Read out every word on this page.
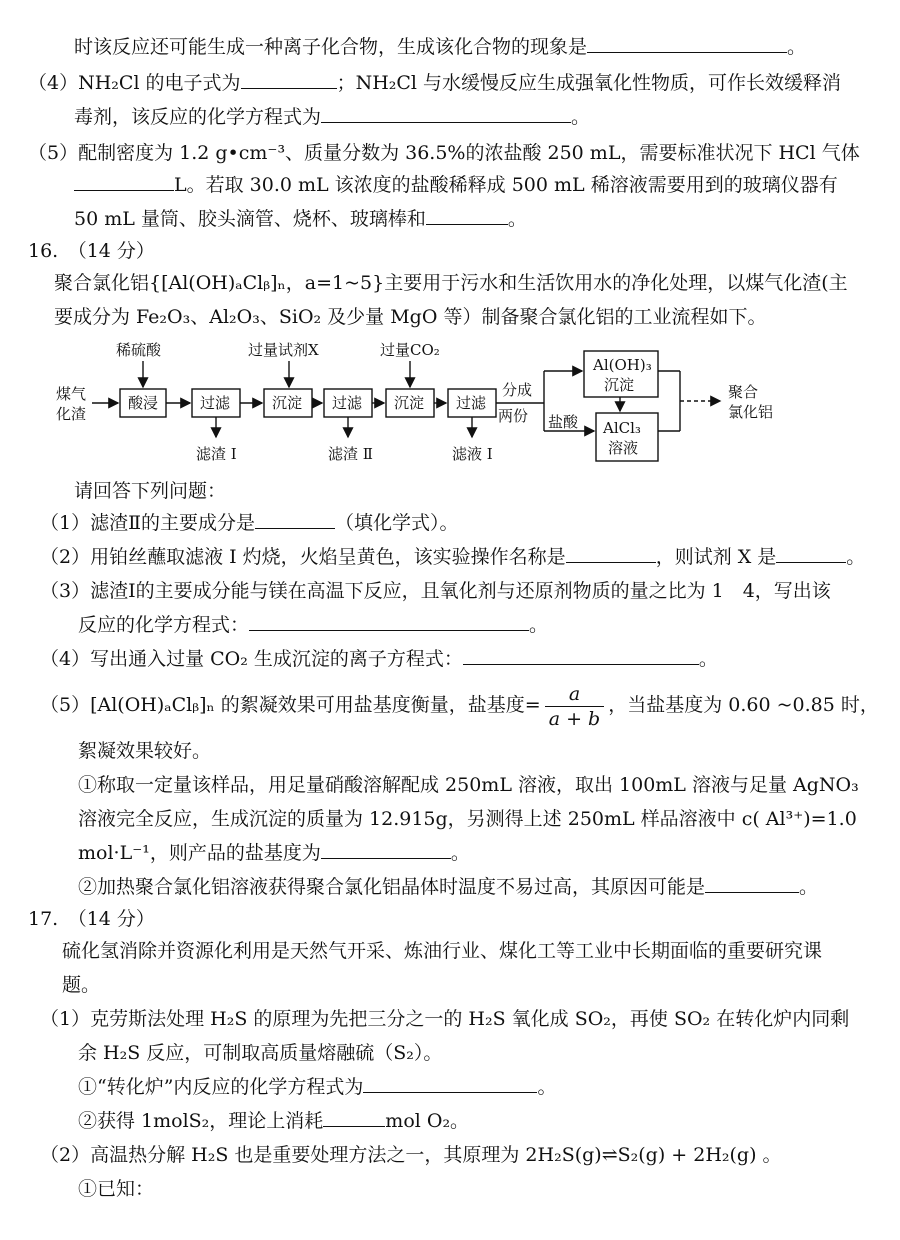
时该反应还可能生成一种离子化合物，生成该化合物的现象是	。
（4）NH₂Cl 的电子式为	；NH₂Cl 与水缓慢反应生成强氧化性物质，可作长效缓释消
毒剂，该反应的化学方程式为	。
（5）配制密度为 1.2 g•cm⁻³、质量分数为 36.5%的浓盐酸 250 mL，需要标准状况下 HCl 气体
L。若取 30.0 mL 该浓度的盐酸稀释成 500 mL 稀溶液需要用到的玻璃仪器有
50 mL 量筒、胶头滴管、烧杯、玻璃棒和	。
16.　（14 分）
聚合氯化铝{[Al(OH)ₐClᵦ]ₙ，a=1~5}主要用于污水和生活饮用水的净化处理，以煤气化渣(主
要成分为 Fe₂O₃、Al₂O₃、SiO₂ 及少量 MgO 等）制备聚合氯化铝的工业流程如下。
煤气
化渣
稀硫酸	过量试剂X	过量CO₂
酸浸	过滤	沉淀 过滤 沉淀 过滤
滤渣 Ⅰ	滤渣 Ⅱ	滤液 Ⅰ
分成
两份 盐酸
Al(OH)₃
沉淀
AlCl₃
溶液
聚合
氯化铝
请回答下列问题：
（1）滤渣Ⅱ的主要成分是	（填化学式）。
（2）用铂丝蘸取滤液 I 灼烧，火焰呈黄色，该实验操作名称是	，则试剂 X 是	。
（3）滤渣Ⅰ的主要成分能与镁在高温下反应，且氧化剂与还原剂物质的量之比为 1　4，写出该
反应的化学方程式：	。
（4）写出通入过量 CO₂ 生成沉淀的离子方程式：	。
（5）[Al(OH)ₐClᵦ]ₙ 的絮凝效果可用盐基度衡量，盐基度= $\frac{a}{a + b}$ ，当盐基度为 0.60 ~0.85 时，
絮凝效果较好。
①称取一定量该样品，用足量硝酸溶解配成 250mL 溶液，取出 100mL 溶液与足量 AgNO₃
溶液完全反应，生成沉淀的质量为 12.915g，另测得上述 250mL 样品溶液中 c( Al³⁺)=1.0
mol·L⁻¹，则产品的盐基度为	。
②加热聚合氯化铝溶液获得聚合氯化铝晶体时温度不易过高，其原因可能是	。
17.　（14 分）
硫化氢消除并资源化利用是天然气开采、炼油行业、煤化工等工业中长期面临的重要研究课
题。
（1）克劳斯法处理 H₂S 的原理为先把三分之一的 H₂S 氧化成 SO₂，再使 SO₂ 在转化炉内同剩
余 H₂S 反应，可制取高质量熔融硫（S₂）。
①“转化炉”内反应的化学方程式为	。
②获得 1molS₂，理论上消耗	mol O₂。
（2）高温热分解 H₂S 也是重要处理方法之一，其原理为 2H₂S(g)⇌S₂(g) + 2H₂(g) 。
①已知：
